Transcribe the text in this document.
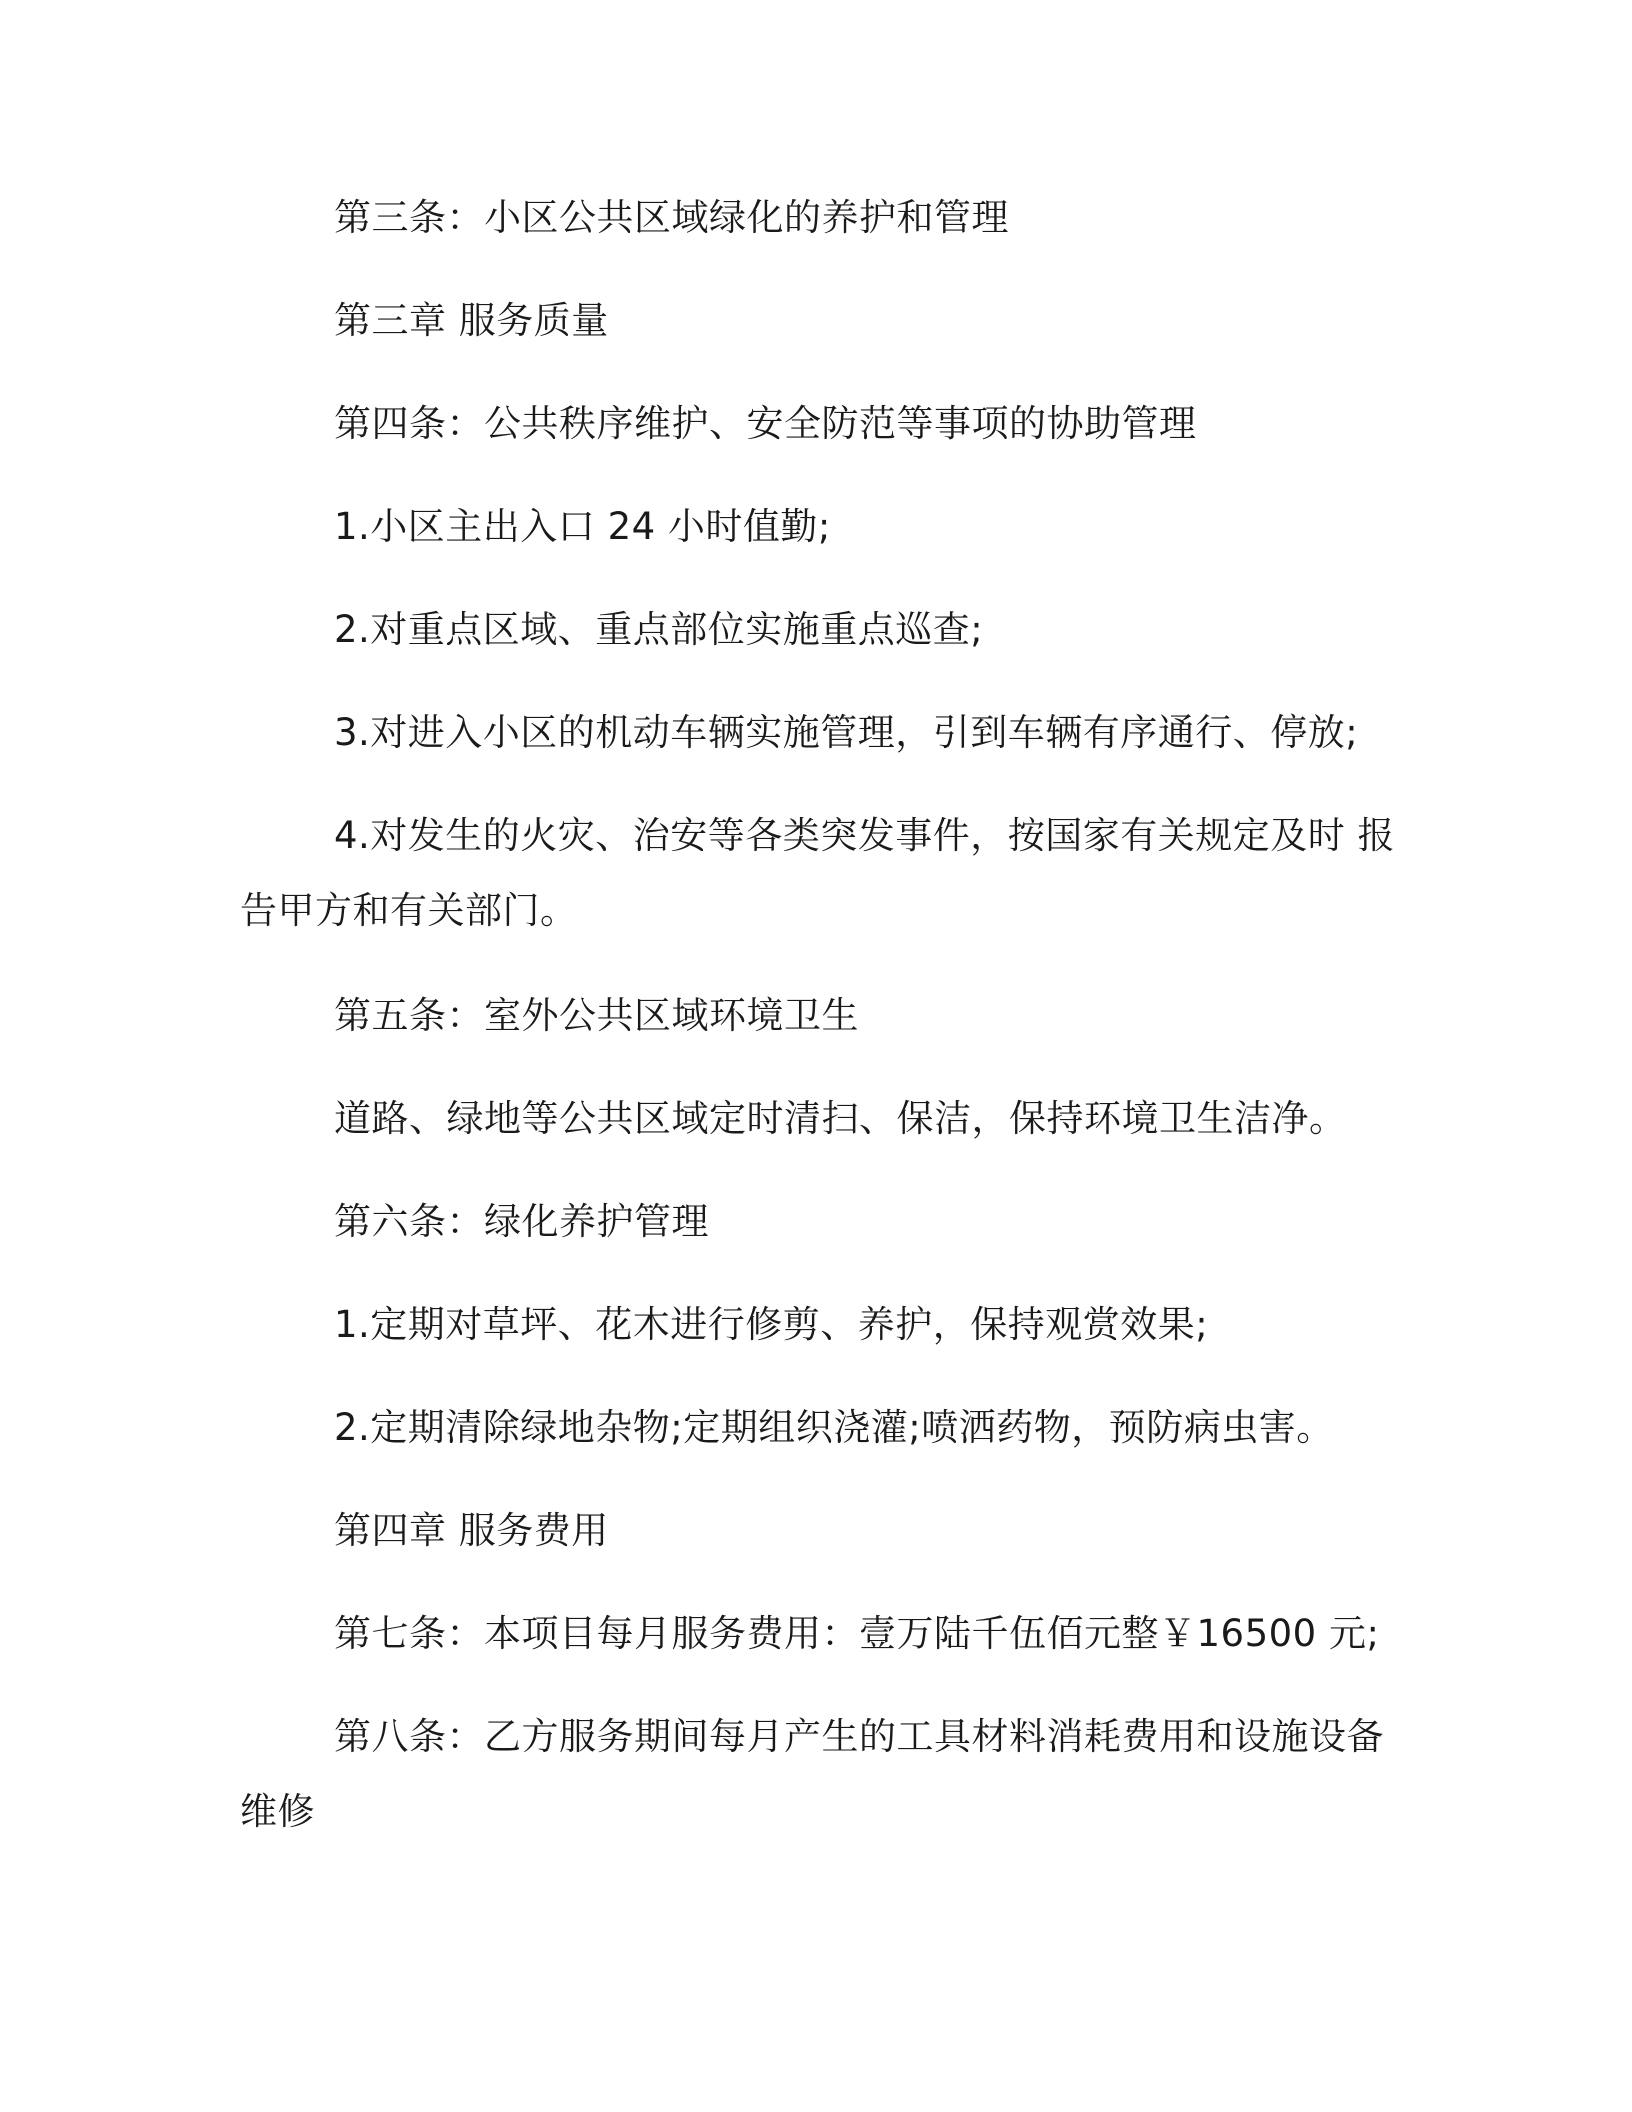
第三条：小区公共区域绿化的养护和管理
第三章 服务质量
第四条：公共秩序维护、安全防范等事项的协助管理
1.小区主出入口 24 小时值勤;
2.对重点区域、重点部位实施重点巡查;
3.对进入小区的机动车辆实施管理，引到车辆有序通行、停放;
4.对发生的火灾、治安等各类突发事件，按国家有关规定及时 报
告甲方和有关部门。
第五条：室外公共区域环境卫生
道路、绿地等公共区域定时清扫、保洁，保持环境卫生洁净。
第六条：绿化养护管理
1.定期对草坪、花木进行修剪、养护，保持观赏效果;
2.定期清除绿地杂物;定期组织浇灌;喷洒药物，预防病虫害。
第四章 服务费用
第七条：本项目每月服务费用：壹万陆千伍佰元整￥16500 元;
第八条：乙方服务期间每月产生的工具材料消耗费用和设施设备
维修
